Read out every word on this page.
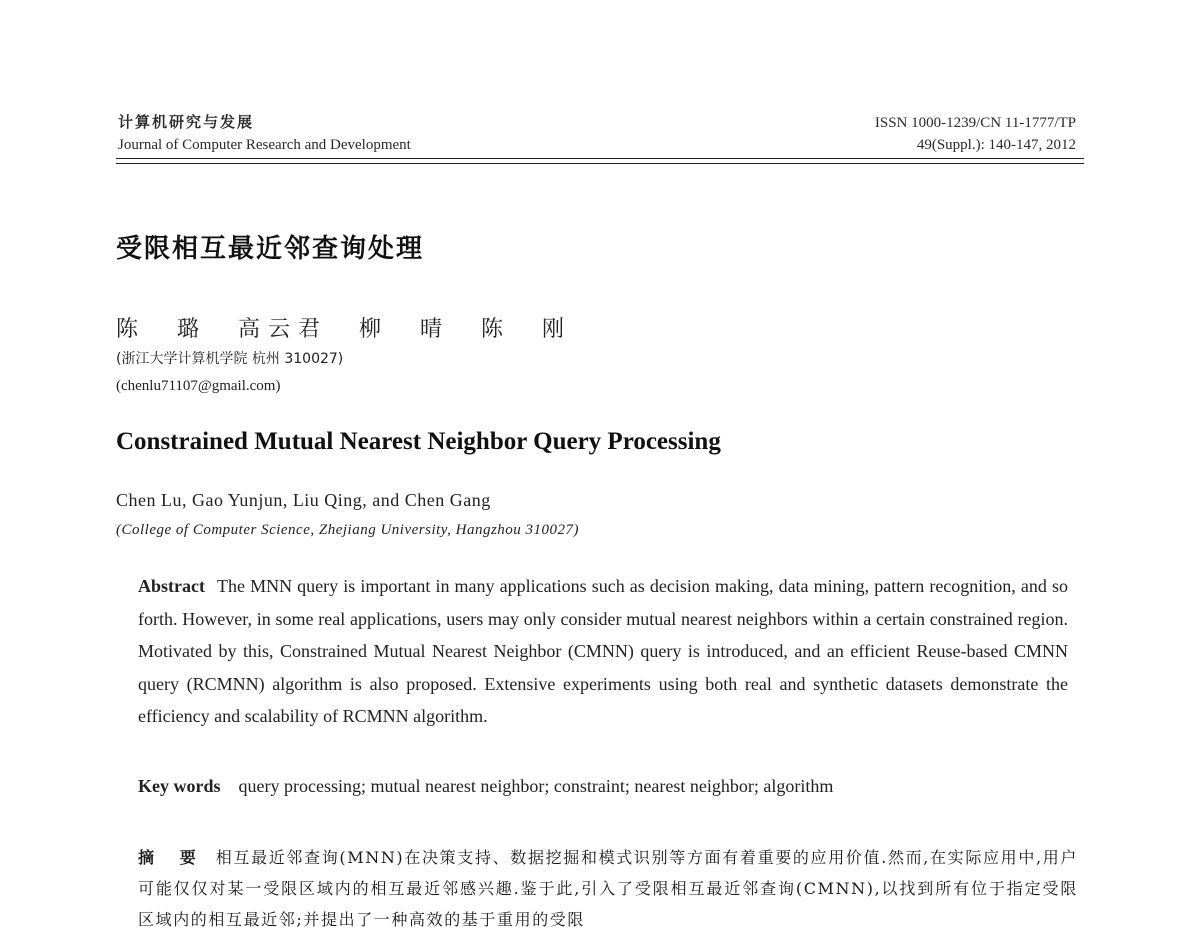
计算机研究与发展
Journal of Computer Research and Development
ISSN 1000-1239/CN 11-1777/TP
49(Suppl.): 140-147, 2012
受限相互最近邻查询处理
陈 璐 高云君 柳 晴 陈 刚
(浙江大学计算机学院 杭州 310027)
(chenlu71107@gmail.com)
Constrained Mutual Nearest Neighbor Query Processing
Chen Lu, Gao Yunjun, Liu Qing, and Chen Gang
(College of Computer Science, Zhejiang University, Hangzhou 310027)
Abstract The MNN query is important in many applications such as decision making, data mining, pattern recognition, and so forth. However, in some real applications, users may only consider mutual nearest neighbors within a certain constrained region. Motivated by this, Constrained Mutual Nearest Neighbor (CMNN) query is introduced, and an efficient Reuse-based CMNN query (RCMNN) algorithm is also proposed. Extensive experiments using both real and synthetic datasets demonstrate the efficiency and scalability of RCMNN algorithm.
Key words query processing; mutual nearest neighbor; constraint; nearest neighbor; algorithm
摘 要 相互最近邻查询(MNN)在决策支持、数据挖掘和模式识别等方面有着重要的应用价值.然而,在实际应用中,用户可能仅仅对某一受限区域内的相互最近邻感兴趣.鉴于此,引入了受限相互最近邻查询(CMNN),以找到所有位于指定受限区域内的相互最近邻;并提出了一种高效的基于重用的受限
